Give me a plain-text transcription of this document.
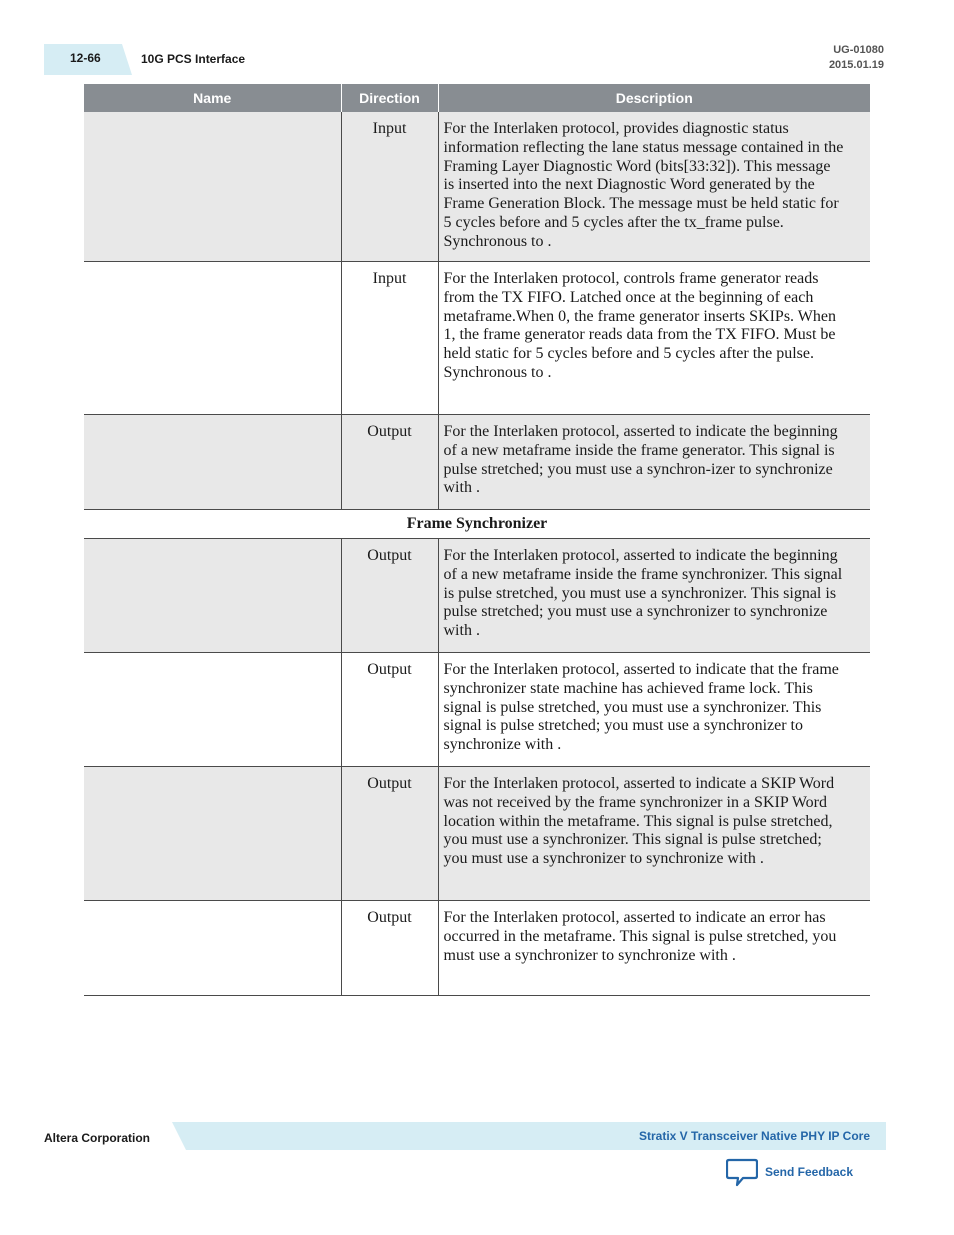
12-66	10G PCS Interface
UG-01080
2015.01.19
Name	Direction	Description
	Input	For the Interlaken protocol, provides diagnostic status information reflecting the lane status message contained in the Framing Layer Diagnostic Word (bits[33:32]). This message is inserted into the next Diagnostic Word generated by the Frame Generation Block. The message must be held static for 5 cycles before and 5 cycles after the tx_frame pulse. Synchronous to .
	Input	For the Interlaken protocol, controls frame generator reads from the TX FIFO. Latched once at the beginning of each metaframe.When 0, the frame generator inserts SKIPs. When 1, the frame generator reads data from the TX FIFO. Must be held static for 5 cycles before and 5 cycles after the pulse. Synchronous to .
	Output	For the Interlaken protocol, asserted to indicate the beginning of a new metaframe inside the frame generator. This signal is pulse stretched; you must use a synchron-izer to synchronize with .
Frame Synchronizer		
	Output	For the Interlaken protocol, asserted to indicate the beginning of a new metaframe inside the frame synchronizer. This signal is pulse stretched, you must use a synchronizer. This signal is pulse stretched; you must use a synchronizer to synchronize with .
	Output	For the Interlaken protocol, asserted to indicate that the frame synchronizer state machine has achieved frame lock. This signal is pulse stretched, you must use a synchronizer. This signal is pulse stretched; you must use a synchronizer to synchronize with .
	Output	For the Interlaken protocol, asserted to indicate a SKIP Word was not received by the frame synchronizer in a SKIP Word location within the metaframe. This signal is pulse stretched, you must use a synchronizer. This signal is pulse stretched; you must use a synchronizer to synchronize with .
	Output	For the Interlaken protocol, asserted to indicate an error has occurred in the metaframe. This signal is pulse stretched, you must use a synchronizer to synchronize with .
Altera Corporation	Stratix V Transceiver Native PHY IP Core
Send Feedback
